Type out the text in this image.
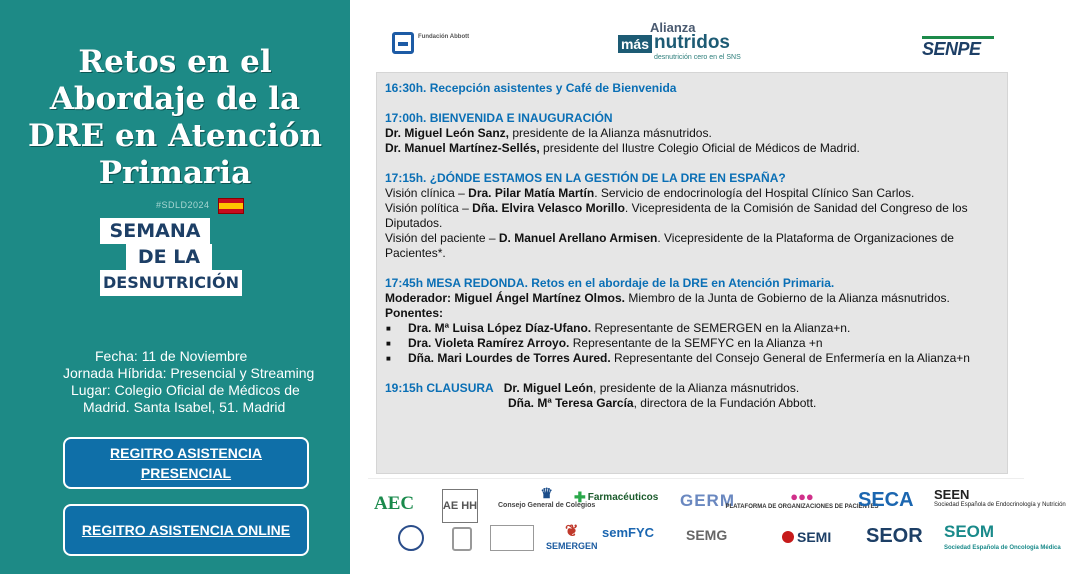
Retos en el
Abordaje de la
DRE en Atención
Primaria
#SDLD2024
SEMANA
DE LA
DESNUTRICIÓN
Fecha: 11 de Noviembre
Jornada Híbrida: Presencial y Streaming
Lugar: Colegio Oficial de Médicos de
Madrid. Santa Isabel, 51. Madrid
REGITRO ASISTENCIA PRESENCIAL
REGITRO ASISTENCIA ONLINE
Fundación Abbott
Alianza
más nutridos
desnutrición cero en el SNS	SENPE

16:30h. Recepción asistentes y Café de Bienvenida

17:00h. BIENVENIDA E INAUGURACIÓN

Dr. Miguel León Sanz, presidente de la Alianza másnutridos.

Dr. Manuel Martínez-Sellés, presidente del Ilustre Colegio Oficial de Médicos de Madrid.

17:15h. ¿DÓNDE ESTAMOS EN LA GESTIÓN DE LA DRE EN ESPAÑA?

Visión clínica – Dra. Pilar Matía Martín. Servicio de endocrinología del Hospital Clínico San Carlos.

Visión política – Dña. Elvira Velasco Morillo. Vicepresidenta de la Comisión de Sanidad del Congreso de los Diputados.

Visión del paciente – D. Manuel Arellano Armisen. Vicepresidente de la Plataforma de Organizaciones de Pacientes*.

17:45h MESA REDONDA. Retos en el abordaje de la DRE en Atención Primaria.

Moderador: Miguel Ángel Martínez Olmos. Miembro de la Junta de Gobierno de la Alianza másnutridos.

Ponentes:

■ Dra. Mª Luisa López Díaz-Ufano. Representante de SEMERGEN en la Alianza+n.

■ Dra. Violeta Ramírez Arroyo. Representante de la SEMFYC en la Alianza +n

■ Dña. Mari Lourdes de Torres Aured. Representante del Consejo General de Enfermería en la Alianza+n

19:15h CLAUSURA Dr. Miguel León, presidente de la Alianza másnutridos.

Dña. Mª Teresa García, directora de la Fundación Abbott.

AEC	AE HH
♛
Consejo General de Colegios
✚ Farmacéuticos GERM	●●●
PLATAFORMA DE ORGANIZACIONES DE PACIENTES
SECA SEEN
Sociedad Española de Endocrinología y Nutrición
❦
SEMERGEN
semFYC SEMG	SEMI SEOR SEOM
Sociedad Española de Oncología Médica
